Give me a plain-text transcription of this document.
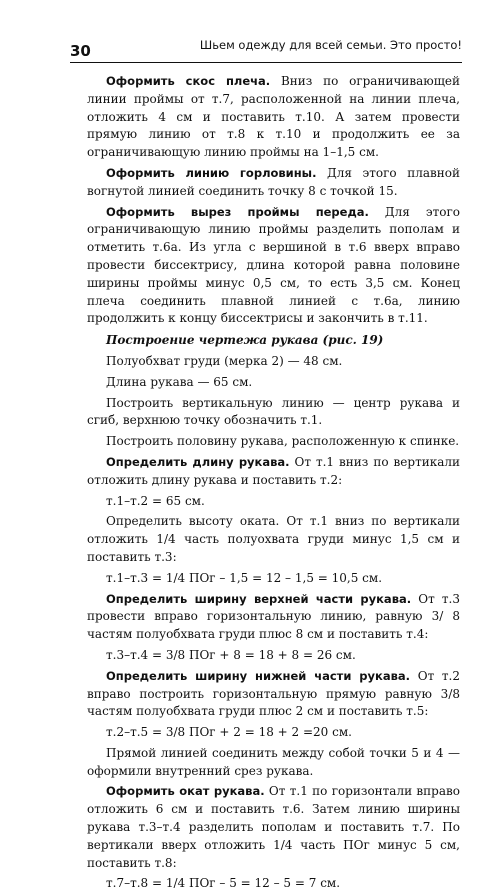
30	Шьем одежду для всей семьи. Это просто!

Оформить скос плеча. Вниз по ограничивающей линии проймы от т.7, расположенной на линии плеча, отложить 4 см и поставить т.10. А затем провести прямую линию от т.8 к т.10 и продолжить ее за ограничивающую линию проймы на 1–1,5 см.

Оформить линию горловины. Для этого плавной вогнутой линией соединить точку 8 с точкой 15.

Оформить вырез проймы переда. Для этого ограничивающую линию проймы разделить пополам и отметить т.6а. Из угла с вершиной в т.6 вверх вправо провести биссектрису, длина которой равна половине ширины проймы минус 0,5 см, то есть 3,5 см. Конец плеча соединить плавной линией с т.6а, линию продолжить к концу биссектрисы и закончить в т.11.

Построение чертежа рукава (рис. 19)

Полуобхват груди (мерка 2) — 48 см.

Длина рукава — 65 см.

Построить вертикальную линию — центр рукава и сгиб, верхнюю точку обозначить т.1.

Построить половину рукава, расположенную к спинке.

Определить длину рукава. От т.1 вниз по вертикали отложить длину рукава и поставить т.2:

т.1–т.2 = 65 см.

Определить высоту оката. От т.1 вниз по вертикали отложить 1/4 часть полуохвата груди минус 1,5 см и поставить т.3:

т.1–т.3 = 1/4 ПОг – 1,5 = 12 – 1,5 = 10,5 см.

Определить ширину верхней части рукава. От т.3 провести вправо горизонтальную линию, равную 3/ 8 частям полуобхвата груди плюс 8 см и поставить т.4:

т.3–т.4 = 3/8 ПОг + 8 = 18 + 8 = 26 см.

Определить ширину нижней части рукава. От т.2 вправо построить горизонтальную прямую равную 3/8 частям полуобхвата груди плюс 2 см и поставить т.5:

т.2–т.5 = 3/8 ПОг + 2 = 18 + 2 =20 см.

Прямой линией соединить между собой точки 5 и 4 — оформили внутренний срез рукава.

Оформить окат рукава. От т.1 по горизонтали вправо отложить 6 см и поставить т.6. Затем линию ширины рукава т.3–т.4 разделить пополам и поставить т.7. По вертикали вверх отложить 1/4 часть ПОг минус 5 см, поставить т.8:

т.7–т.8 = 1/4 ПОг – 5 = 12 – 5 = 7 см.
